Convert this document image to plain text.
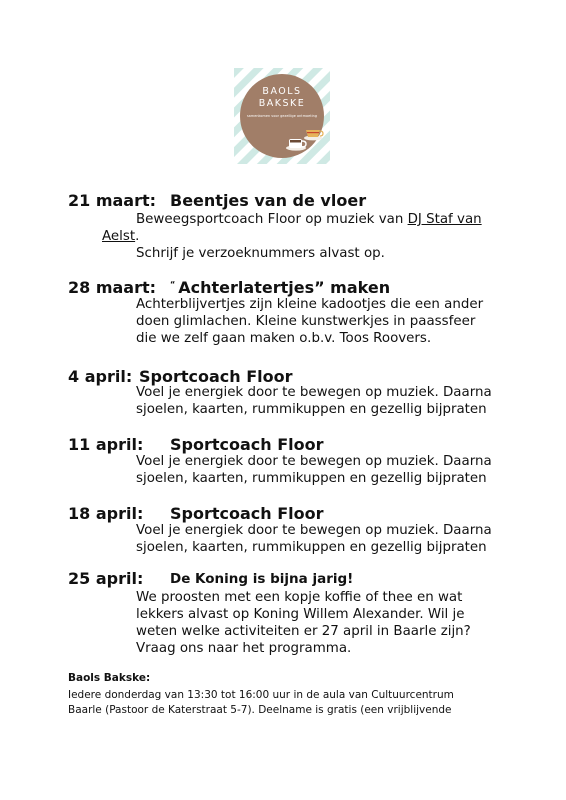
BAOLS
BAKSKE
samenkomen voor gezellige ontmoeting
21 maart: Beentjes van de vloer
Beweegsportcoach Floor op muziek van DJ Staf van
Aelst.
Schrijf je verzoeknummers alvast op.
28 maart: “ Achterlatertjes” maken
Achterblijvertjes zijn kleine kadootjes die een ander
doen glimlachen. Kleine kunstwerkjes in paassfeer
die we zelf gaan maken o.b.v. Toos Roovers.
4 april: Sportcoach Floor
Voel je energiek door te bewegen op muziek. Daarna
sjoelen, kaarten, rummikuppen en gezellig bijpraten
11 april: Sportcoach Floor
Voel je energiek door te bewegen op muziek. Daarna
sjoelen, kaarten, rummikuppen en gezellig bijpraten
18 april: Sportcoach Floor
Voel je energiek door te bewegen op muziek. Daarna
sjoelen, kaarten, rummikuppen en gezellig bijpraten
25 april: De Koning is bijna jarig!
We proosten met een kopje koffie of thee en wat
lekkers alvast op Koning Willem Alexander. Wil je
weten welke activiteiten er 27 april in Baarle zijn?
Vraag ons naar het programma.
Baols Bakske:
Iedere donderdag van 13:30 tot 16:00 uur in de aula van Cultuurcentrum
Baarle (Pastoor de Katerstraat 5-7). Deelname is gratis (een vrijblijvende
